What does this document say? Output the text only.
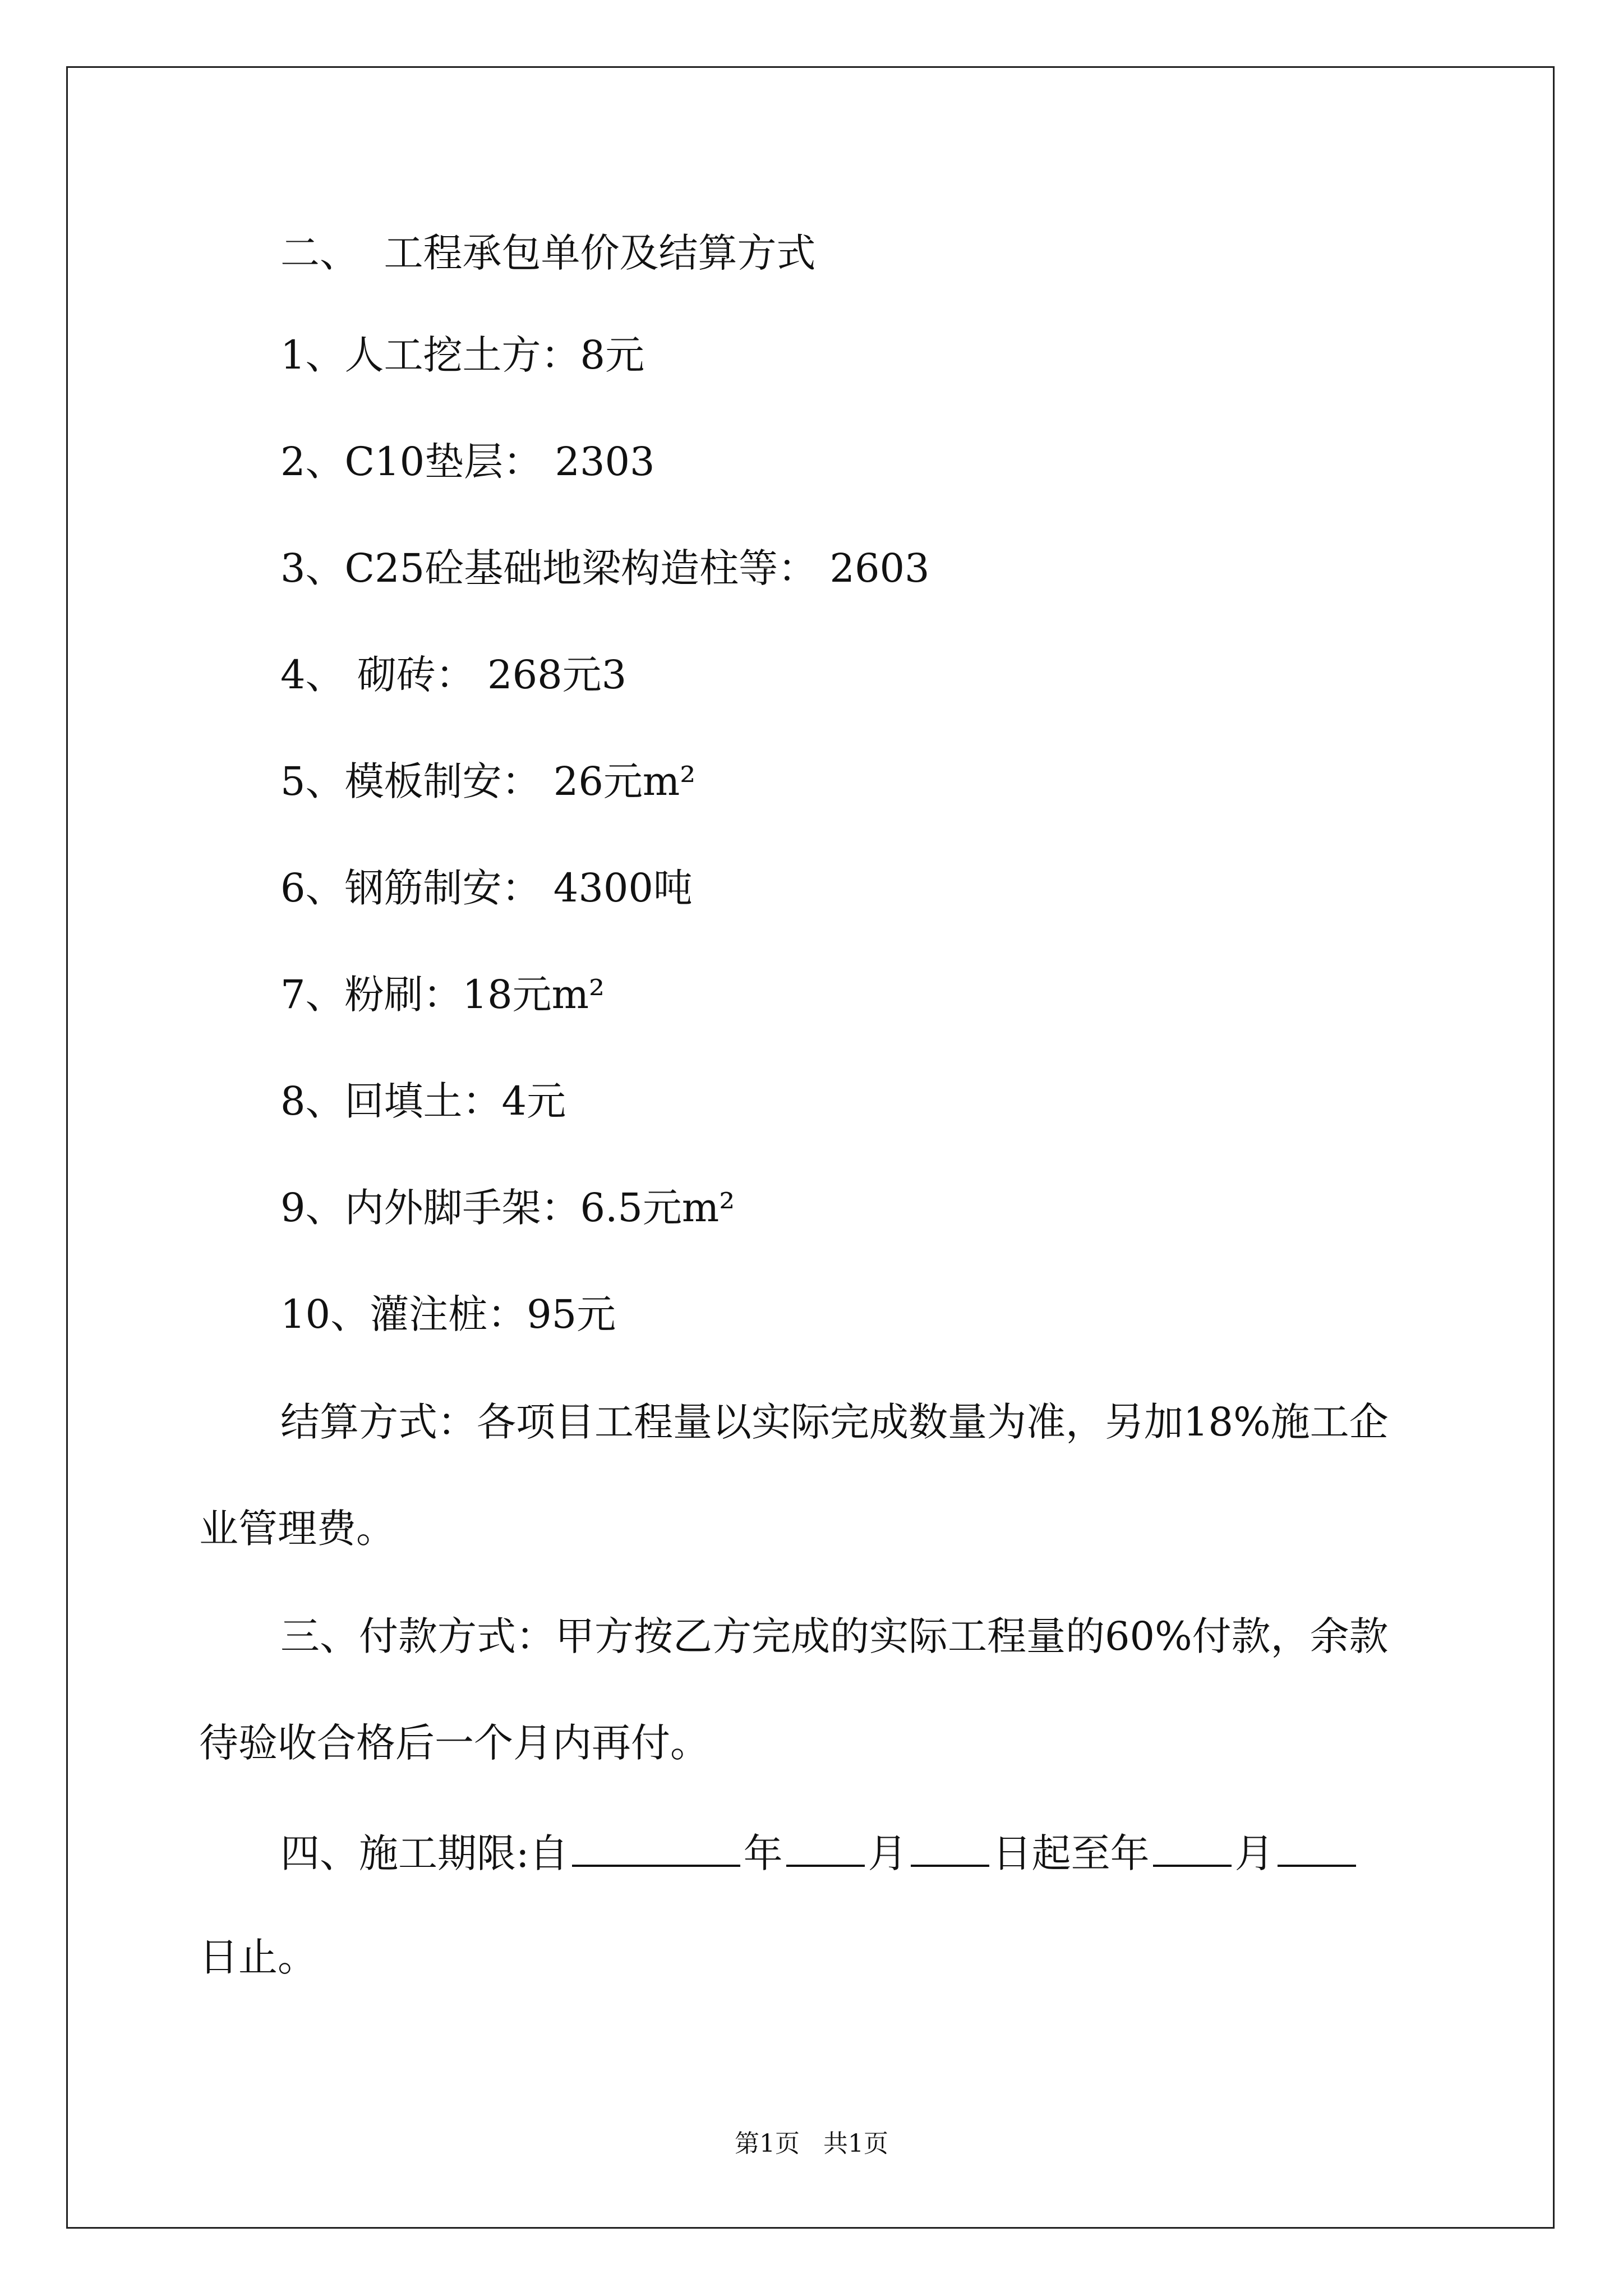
二、  工程承包单价及结算方式
1、人工挖土方：8元
2、C10垫层： 2303
3、C25砼基础地梁构造柱等： 2603
4、 砌砖： 268元3
5、模板制安： 26元m²
6、钢筋制安： 4300吨
7、粉刷：18元m²
8、回填土：4元
9、内外脚手架：6.5元m²
10、灌注桩：95元
结算方式：各项目工程量以实际完成数量为准，另加18%施工企
业管理费。
三、付款方式：甲方按乙方完成的实际工程量的60%付款，余款
待验收合格后一个月内再付。
四、施工期限:自	年 月 日起至年 月
日止。
第1页   共1页
